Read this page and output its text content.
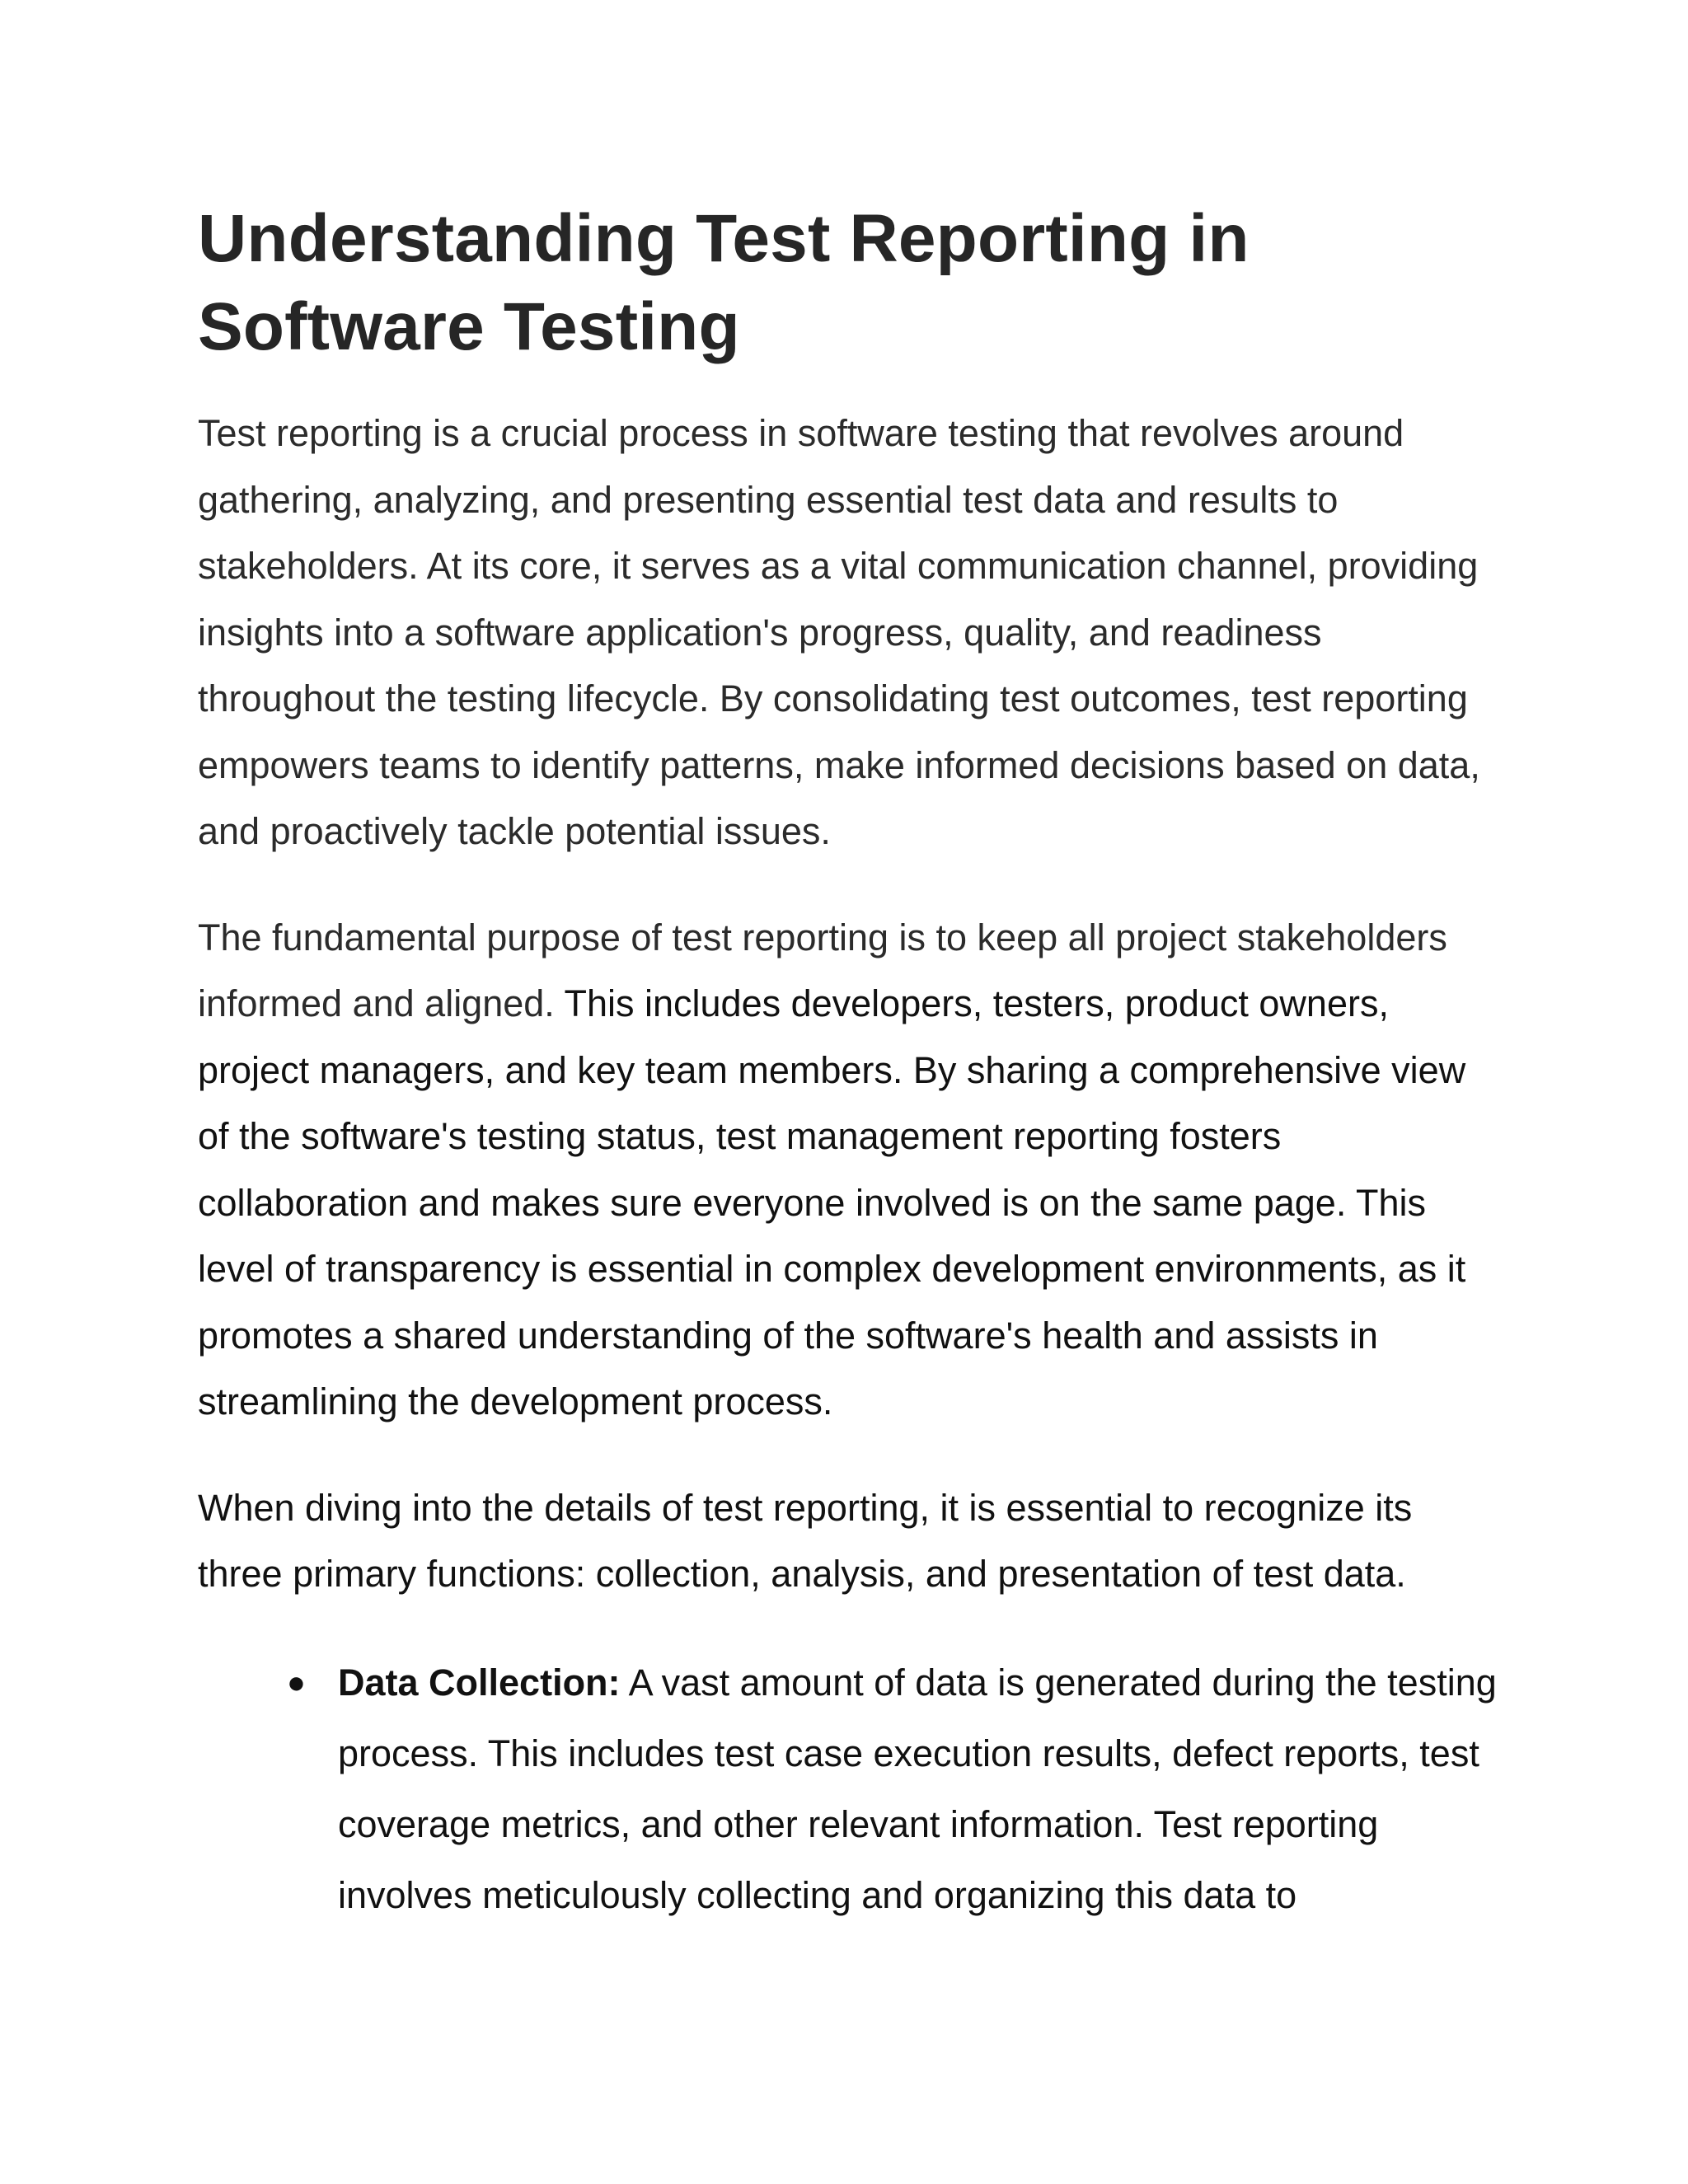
Understanding Test Reporting in Software Testing

Test reporting is a crucial process in software testing that revolves around gathering, analyzing, and presenting essential test data and results to stakeholders. At its core, it serves as a vital communication channel, providing insights into a software application's progress, quality, and readiness throughout the testing lifecycle. By consolidating test outcomes, test reporting empowers teams to identify patterns, make informed decisions based on data, and proactively tackle potential issues.

The fundamental purpose of test reporting is to keep all project stakeholders informed and aligned. This includes developers, testers, product owners, project managers, and key team members. By sharing a comprehensive view of the software's testing status, test management reporting fosters collaboration and makes sure everyone involved is on the same page. This level of transparency is essential in complex development environments, as it promotes a shared understanding of the software's health and assists in streamlining the development process.

When diving into the details of test reporting, it is essential to recognize its three primary functions: collection, analysis, and presentation of test data.

● Data Collection: A vast amount of data is generated during the testing process. This includes test case execution results, defect reports, test coverage metrics, and other relevant information. Test reporting involves meticulously collecting and organizing this data to
